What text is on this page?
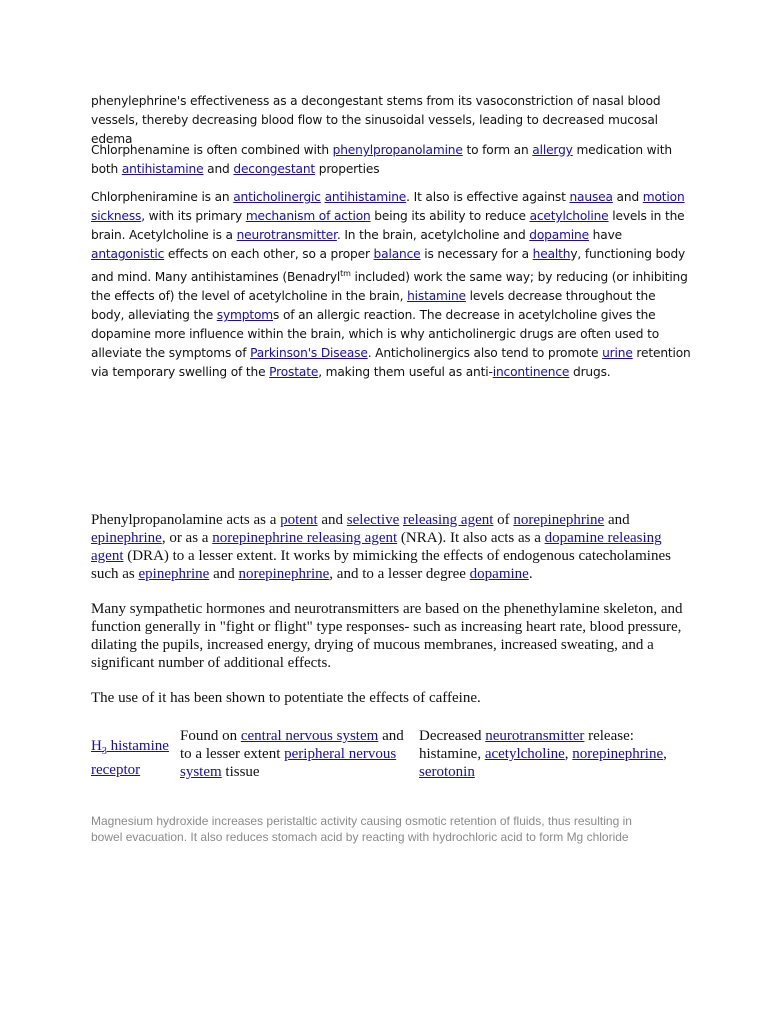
phenylephrine's effectiveness as a decongestant stems from its vasoconstriction of nasal blood vessels, thereby decreasing blood flow to the sinusoidal vessels, leading to decreased mucosal edema

Chlorphenamine is often combined with phenylpropanolamine to form an allergy medication with both antihistamine and decongestant properties

Chlorpheniramine is an anticholinergic antihistamine. It also is effective against nausea and motion sickness, with its primary mechanism of action being its ability to reduce acetylcholine levels in the brain. Acetylcholine is a neurotransmitter. In the brain, acetylcholine and dopamine have antagonistic effects on each other, so a proper balance is necessary for a healthy, functioning body and mind. Many antihistamines (Benadryl$^{tm}$ included) work the same way; by reducing (or inhibiting the effects of) the level of acetylcholine in the brain, histamine levels decrease throughout the body, alleviating the symptoms of an allergic reaction. The decrease in acetylcholine gives the dopamine more influence within the brain, which is why anticholinergic drugs are often used to alleviate the symptoms of Parkinson's Disease. Anticholinergics also tend to promote urine retention via temporary swelling of the Prostate, making them useful as anti-incontinence drugs.

Phenylpropanolamine acts as a potent and selective releasing agent of norepinephrine and epinephrine, or as a norepinephrine releasing agent (NRA). It also acts as a dopamine releasing agent (DRA) to a lesser extent. It works by mimicking the effects of endogenous catecholamines such as epinephrine and norepinephrine, and to a lesser degree dopamine.

Many sympathetic hormones and neurotransmitters are based on the phenethylamine skeleton, and function generally in "fight or flight" type responses- such as increasing heart rate, blood pressure, dilating the pupils, increased energy, drying of mucous membranes, increased sweating, and a significant number of additional effects.

The use of it has been shown to potentiate the effects of caffeine.

$H_3$ histamine receptor
Found on central nervous system and to a lesser extent peripheral nervous system tissue
Decreased neurotransmitter release: histamine, acetylcholine, norepinephrine, serotonin

Magnesium hydroxide increases peristaltic activity causing osmotic retention of fluids, thus resulting in bowel evacuation. It also reduces stomach acid by reacting with hydrochloric acid to form Mg chloride
